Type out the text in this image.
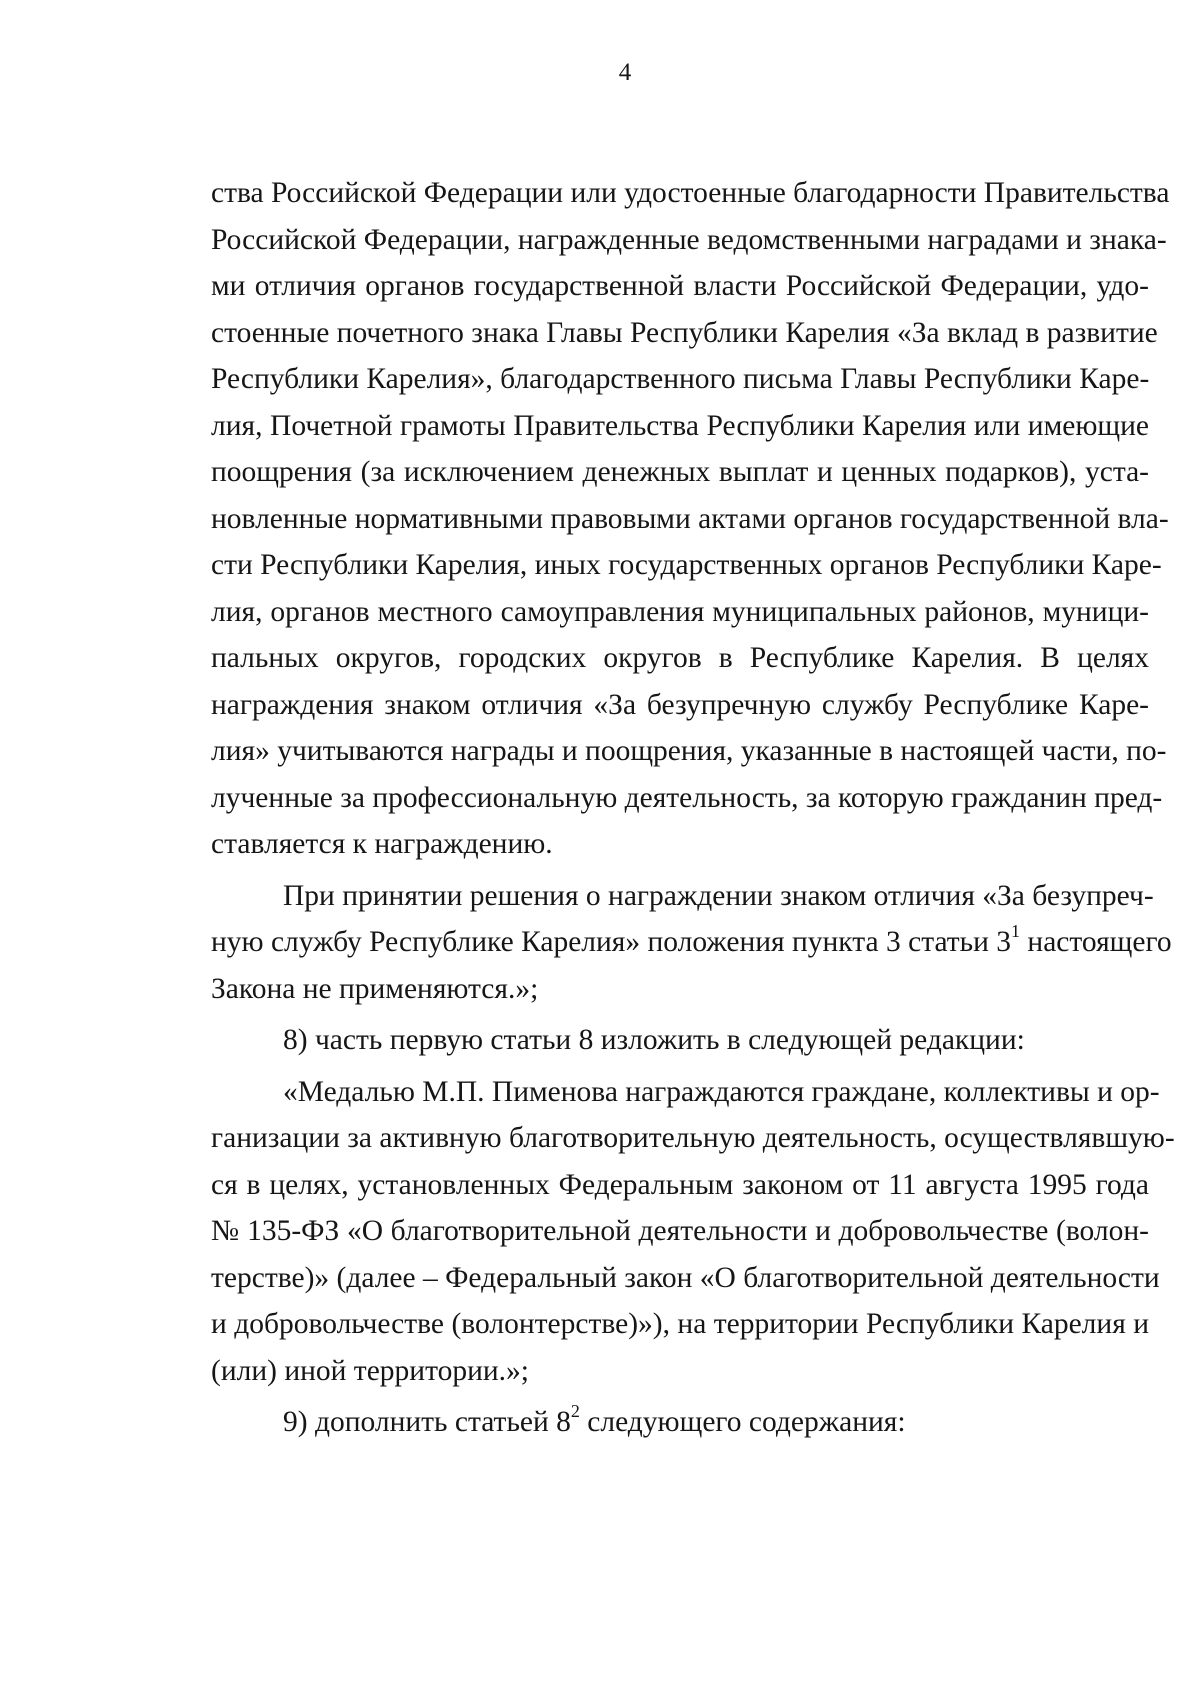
4

ства Российской Федерации или удостоенные благодарности Правительства
Российской Федерации, награжденные ведомственными наградами и знака-
ми отличия органов государственной власти Российской Федерации, удо-
стоенные почетного знака Главы Республики Карелия «За вклад в развитие
Республики Карелия», благодарственного письма Главы Республики Каре-
лия, Почетной грамоты Правительства Республики Карелия или имеющие
поощрения (за исключением денежных выплат и ценных подарков), уста-
новленные нормативными правовыми актами органов государственной вла-
сти Республики Карелия, иных государственных органов Республики Каре-
лия, органов местного самоуправления муниципальных районов, муници-
пальных округов, городских округов в Республике Карелия. В целях
награждения знаком отличия «За безупречную службу Республике Каре-
лия» учитываются награды и поощрения, указанные в настоящей части, по-
лученные за профессиональную деятельность, за которую гражданин пред-
ставляется к награждению.

При принятии решения о награждении знаком отличия «За безупреч-
ную службу Республике Карелия» положения пункта 3 статьи $3^1$ настоящего
Закона не применяются.»;

8) часть первую статьи 8 изложить в следующей редакции:

«Медалью М.П. Пименова награждаются граждане, коллективы и ор-
ганизации за активную благотворительную деятельность, осуществлявшую-
ся в целях, установленных Федеральным законом от 11 августа 1995 года
№ 135-ФЗ «О благотворительной деятельности и добровольчестве (волон-
терстве)» (далее – Федеральный закон «О благотворительной деятельности
и добровольчестве (волонтерстве)»), на территории Республики Карелия и
(или) иной территории.»;

9) дополнить статьей $8^2$ следующего содержания:
